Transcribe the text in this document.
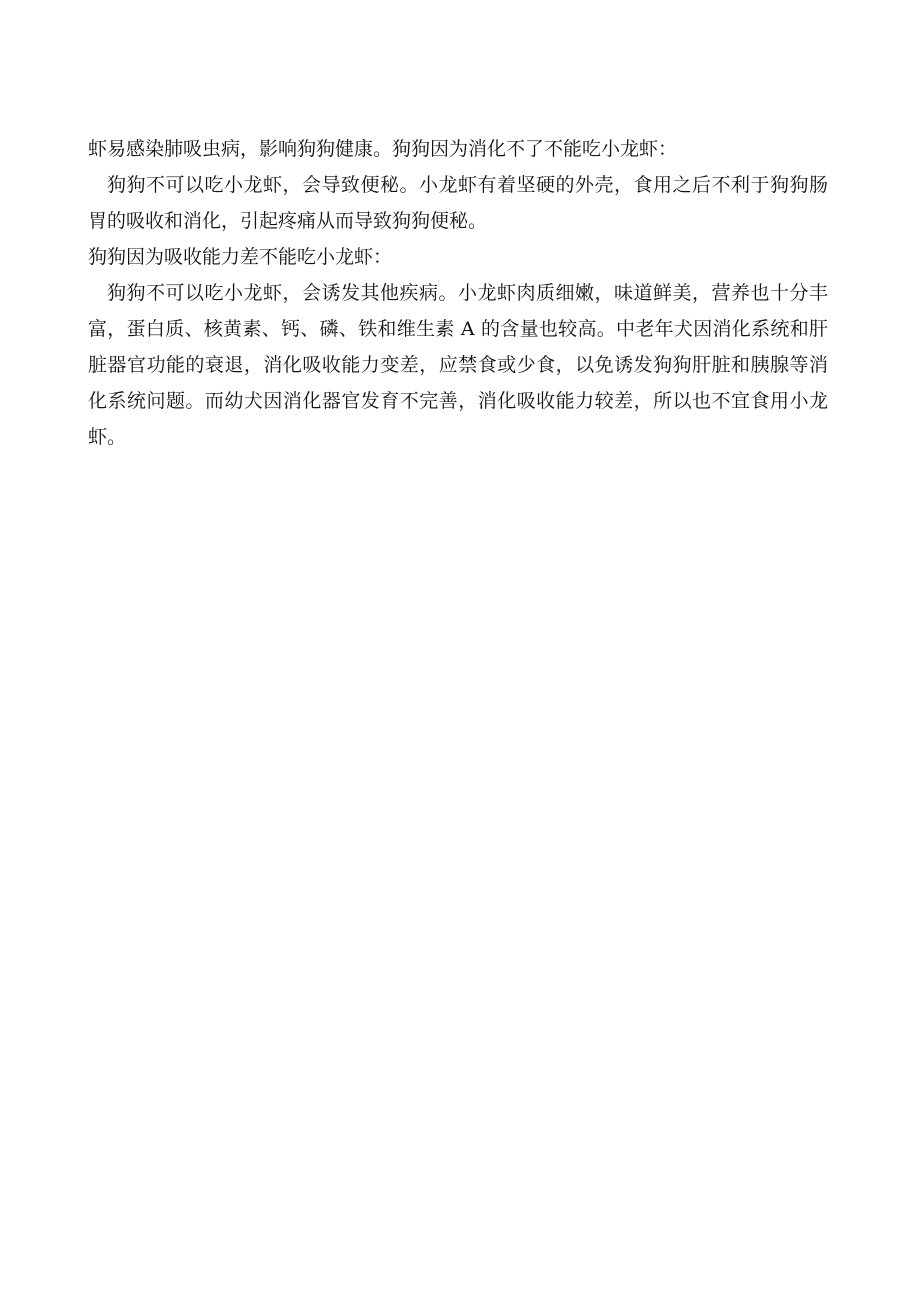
虾易感染肺吸虫病，影响狗狗健康。狗狗因为消化不了不能吃小龙虾：

狗狗不可以吃小龙虾，会导致便秘。小龙虾有着坚硬的外壳，食用之后不利于狗狗肠胃的吸收和消化，引起疼痛从而导致狗狗便秘。

狗狗因为吸收能力差不能吃小龙虾：

狗狗不可以吃小龙虾，会诱发其他疾病。小龙虾肉质细嫩，味道鲜美，营养也十分丰富，蛋白质、核黄素、钙、磷、铁和维生素 A 的含量也较高。中老年犬因消化系统和肝脏器官功能的衰退，消化吸收能力变差，应禁食或少食，以免诱发狗狗肝脏和胰腺等消化系统问题。而幼犬因消化器官发育不完善，消化吸收能力较差，所以也不宜食用小龙虾。
